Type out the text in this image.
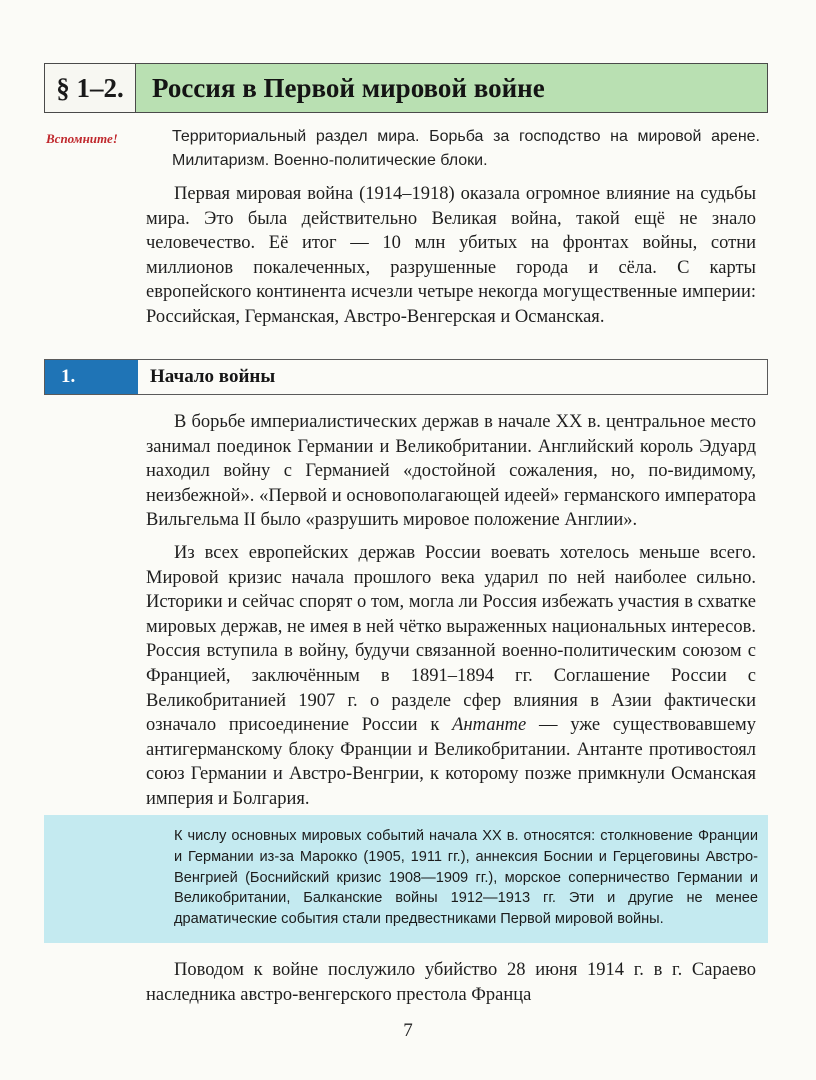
§ 1–2.	Россия в Первой мировой войне
Вспомните!	Территориальный раздел мира. Борьба за господство на мировой арене. Милитаризм. Военно-политические блоки.

Первая мировая война (1914–1918) оказала огромное влияние на судьбы мира. Это была действительно Великая война, такой ещё не знало человечество. Её итог — 10 млн убитых на фронтах войны, сотни миллионов покалеченных, разрушенные города и сёла. С карты европейского континента исчезли четыре некогда могущественные империи: Российская, Германская, Австро-Венгерская и Османская.

1.	Начало войны

В борьбе империалистических держав в начале XX в. центральное место занимал поединок Германии и Великобритании. Английский король Эдуард находил войну с Германией «достойной сожаления, но, по-видимому, неизбежной». «Первой и основополагающей идеей» германского императора Вильгельма II было «разрушить мировое положение Англии».

Из всех европейских держав России воевать хотелось меньше всего. Мировой кризис начала прошлого века ударил по ней наиболее сильно. Историки и сейчас спорят о том, могла ли Россия избежать участия в схватке мировых держав, не имея в ней чётко выраженных национальных интересов. Россия вступила в войну, будучи связанной военно-политическим союзом с Францией, заключённым в 1891–1894 гг. Соглашение России с Великобританией 1907 г. о разделе сфер влияния в Азии фактически означало присоединение России к Антанте — уже существовавшему антигерманскому блоку Франции и Великобритании. Антанте противостоял союз Германии и Австро-Венгрии, к которому позже примкнули Османская империя и Болгария.

К числу основных мировых событий начала XX в. относятся: столкновение Франции и Германии из-за Марокко (1905, 1911 гг.), аннексия Боснии и Герцеговины Австро-Венгрией (Боснийский кризис 1908—1909 гг.), морское соперничество Германии и Великобритании, Балканские войны 1912—1913 гг. Эти и другие не менее драматические события стали предвестниками Первой мировой войны.

Поводом к войне послужило убийство 28 июня 1914 г. в г. Сараево наследника австро-венгерского престола Франца

7
